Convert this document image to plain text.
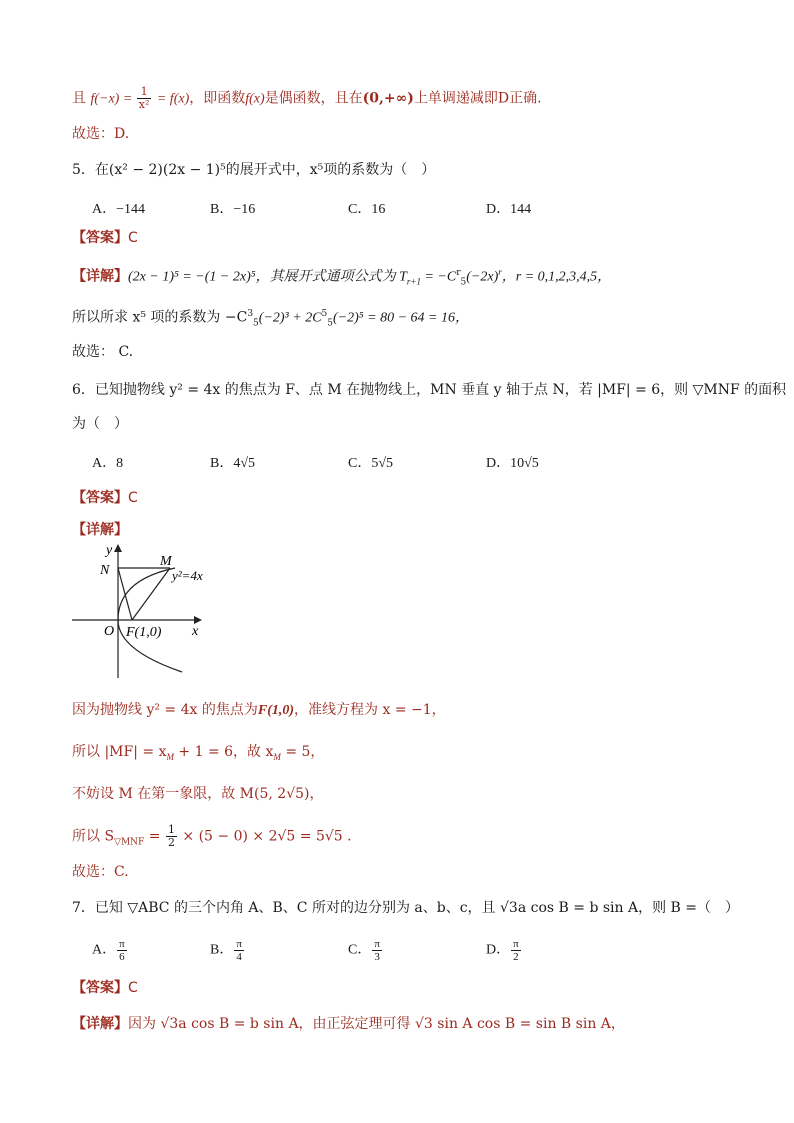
且 $f(-x) = \frac{1}{\text{x²}} = f(x)$，即函数f(x)是偶函数，且在(0,+∞)上单调递减即D正确.
故选：D.
5．在(x² − 2)(2x − 1)⁵的展开式中，x⁵项的系数为（　）
A．−144	B．−16	C．16	D．144
【答案】C
【详解】(2x − 1)⁵ = −(1 − 2x)⁵，其展开式通项公式为 $T_{r+1} = -C^r_5(-2x)^r$，r = 0,1,2,3,4,5，
所以所求 x⁵ 项的系数为 $-C^3_5(-2)^3 + 2C^5_5(-2)^5 = 80 - 64 = 16$，
故选： C.
6．已知抛物线 y² = 4x 的焦点为 F、点 M 在抛物线上，MN 垂直 y 轴于点 N，若 |MF| = 6，则 ▽MNF 的面积
为（　）
A．8	B．4√5	C．5√5	D．10√5
【答案】C
【详解】
y
x
N
M
y²=4x
O F(1,0)
因为抛物线 y² = 4x 的焦点为F(1,0)，准线方程为 x = −1，
所以 $|MF| = x_M + 1 = 6$，故 $x_M = 5$，
不妨设 M 在第一象限，故 M(5, 2√5)，
所以 $S_{▽MNF} = \frac{1}{2} \times (5 - 0) \times 2√5 = 5√5$ .
故选：C.
7．已知 ▽ABC 的三个内角 A、B、C 所对的边分别为 a、b、c，且 √3a cos B = b sin A，则 B =（　）
A． $\frac{\pi}{6}$	B． $\frac{\pi}{4}$	C． $\frac{\pi}{3}$	D． $\frac{\pi}{2}$
【答案】C
【详解】因为 √3a cos B = b sin A，由正弦定理可得 √3 sin A cos B = sin B sin A，
